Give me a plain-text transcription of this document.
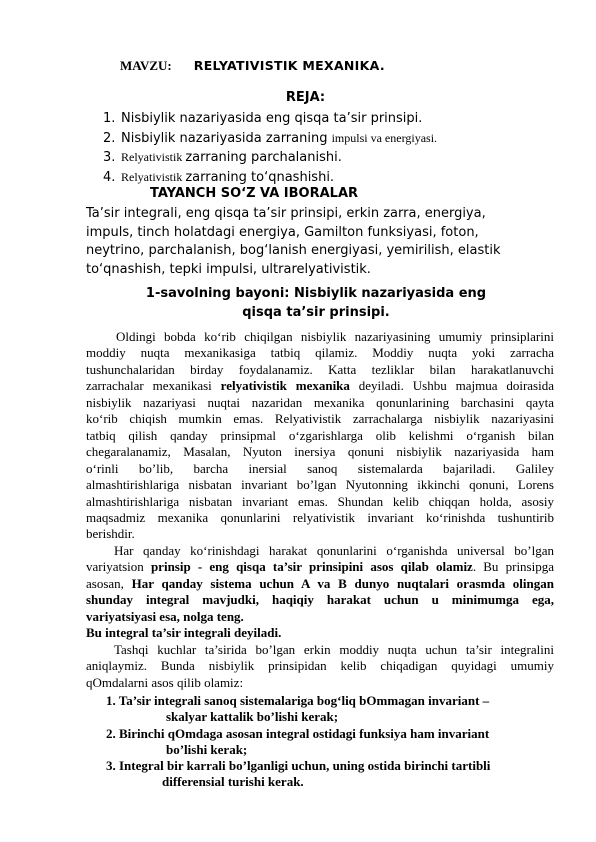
MAVZU: RELYATIVISTIK MEXANIKA.
REJA:
1. Nisbiylik nazariyasida eng qisqa ta’sir prinsipi.
2. Nisbiylik nazariyasida zarraning impulsi va energiyasi.
3. Relyativistik zarraning parchalanishi.
4. Relyativistik zarraning to‘qnashishi.
TAYANCH SO‘Z VA IBORALAR
Ta’sir integrali, eng qisqa ta’sir prinsipi, erkin zarra, energiya,
impuls, tinch holatdagi energiya, Gamilton funksiyasi, foton,
neytrino, parchalanish, bog‘lanish energiyasi, yemirilish, elastik
to‘qnashish, tepki impulsi, ultrarelyativistik.
1-savolning bayoni: Nisbiylik nazariyasida eng
qisqa ta’sir prinsipi.
Oldingi bobda ko‘rib chiqilgan nisbiylik nazariyasining umumiy prinsiplarini
moddiy nuqta mexanikasiga tatbiq qilamiz. Moddiy nuqta yoki zarracha
tushunchalaridan birday foydalanamiz. Katta tezliklar bilan harakatlanuvchi
zarrachalar mexanikasi relyativistik mexanika deyiladi. Ushbu majmua doirasida
nisbiylik nazariyasi nuqtai nazaridan mexanika qonunlarining barchasini qayta
ko‘rib chiqish mumkin emas. Relyativistik zarrachalarga nisbiylik nazariyasini
tatbiq qilish qanday prinsipmal o‘zgarishlarga olib kelishmi o‘rganish bilan
chegaralanamiz, Masalan, Nyuton inersiya qonuni nisbiylik nazariyasida ham
o‘rinli bo’lib, barcha inersial sanoq sistemalarda bajariladi. Galiley
almashtirishlariga nisbatan invariant bo’lgan Nyutonning ikkinchi qonuni, Lorens
almashtirishlariga nisbatan invariant emas. Shundan kelib chiqqan holda, asosiy
maqsadmiz mexanika qonunlarini relyativistik invariant ko‘rinishda tushuntirib
berishdir.
Har qanday ko‘rinishdagi harakat qonunlarini o‘rganishda universal bo’lgan
variyatsion prinsip - eng qisqa ta’sir prinsipini asos qilab olamiz. Bu prinsipga
asosan, Har qanday sistema uchun A va B dunyo nuqtalari orasmda olingan
shunday integral mavjudki, haqiqiy harakat uchun u minimumga ega,
variyatsiyasi esa, nolga teng.
Bu integral ta’sir integrali deyiladi.
Tashqi kuchlar ta’sirida bo’lgan erkin moddiy nuqta uchun ta’sir integralini
aniqlaymiz. Bunda nisbiylik prinsipidan kelib chiqadigan quyidagi umumiy
qOmdalarni asos qilib olamiz:
1. Ta’sir integrali sanoq sistemalariga bog‘liq bOmmagan invariant –
skalyar kattalik bo’lishi kerak;
2. Birinchi qOmdaga asosan integral ostidagi funksiya ham invariant
bo’lishi kerak;
3. Integral bir karrali bo’lganligi uchun, uning ostida birinchi tartibli
differensial turishi kerak.
